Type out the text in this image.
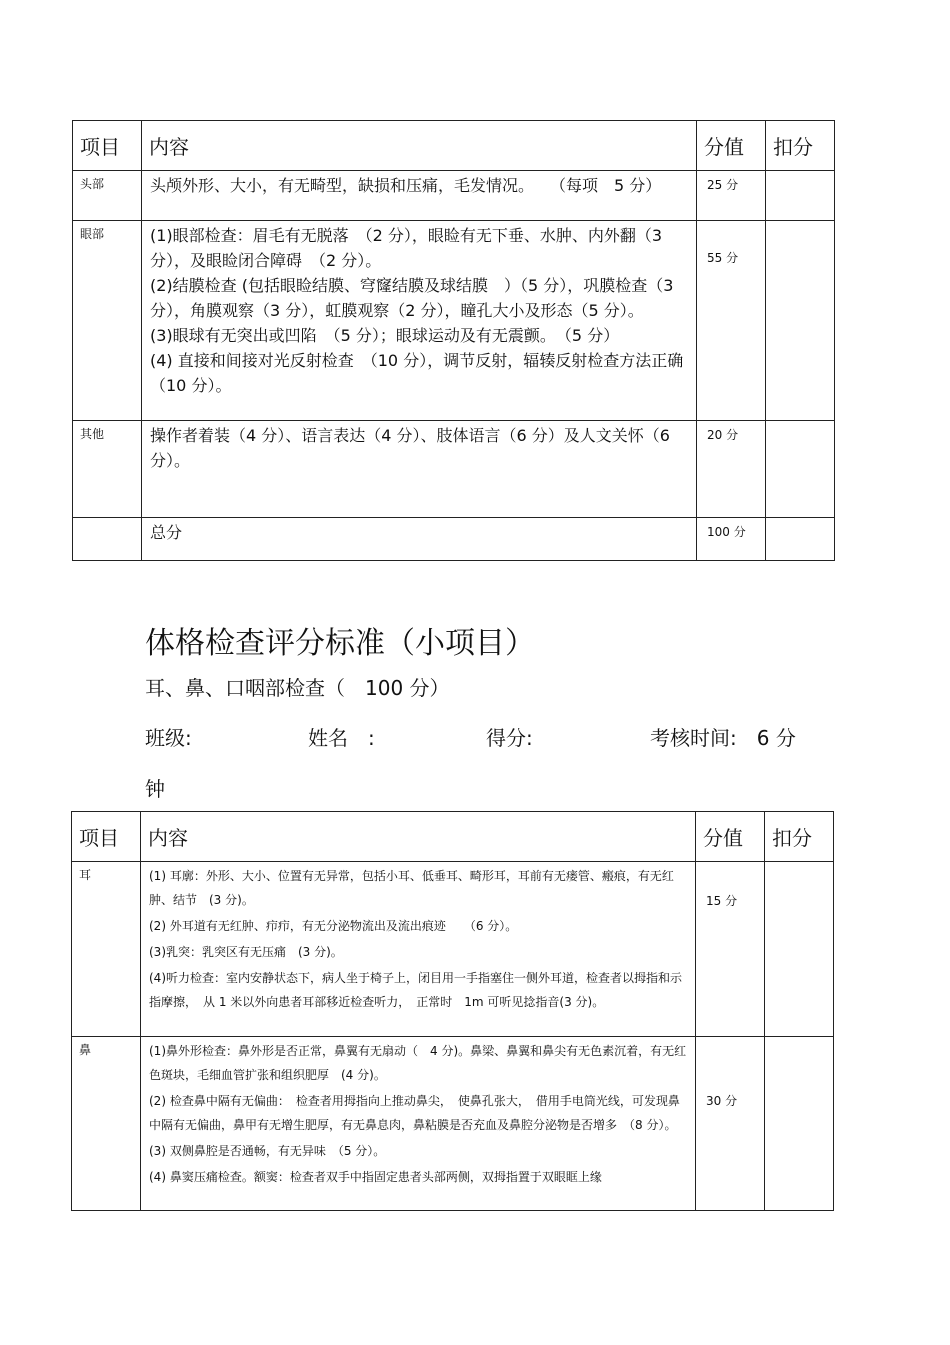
项目	内容	分值	扣分
头部	头颅外形、大小，有无畸型，缺损和压痛，毛发情况。　　（每项　5 分）	25 分	
眼部	(1)眼部检查：眉毛有无脱落　（2 分），眼睑有无下垂、水肿、内外翻（3 分），及眼睑闭合障碍　（2 分）。

(2)结膜检查 (包括眼睑结膜、穹窿结膜及球结膜　）（5 分），巩膜检查（3 分），角膜观察（3 分），虹膜观察（2 分），瞳孔大小及形态（5 分）。

(3)眼球有无突出或凹陷　（5 分）；眼球运动及有无震颤。　（5 分）

(4) 直接和间接对光反射检查　（10 分），调节反射，辐辏反射检查方法正确　（10 分）。	55 分	
其他	操作者着装（4 分）、语言表达（4 分）、肢体语言（6 分）及人文关怀（6 分）。	20 分	

	总分	100 分	
体格检查评分标准（小项目）
耳、鼻、口咽部检查（　100 分）
班级:	姓名　:	得分:	考核时间:　6 分
钟
项目	内容	分值	扣分
耳	(1) 耳廓：外形、大小、位置有无异常，包括小耳、低垂耳、畸形耳，耳前有无瘘管、瘢痕，有无红肿、结节　(3 分)。

(2) 外耳道有无红肿、疖疖，有无分泌物流出及流出痕迹　　（6 分）。

(3)乳突：乳突区有无压痛　(3 分)。

(4)听力检查：室内安静状态下，病人坐于椅子上，闭目用一手指塞住一侧外耳道，检查者以拇指和示指摩擦，　从 1 米以外向患者耳部移近检查听力，　正常时　1m 可听见捻指音(3 分)。	15 分	
鼻	(1)鼻外形检查：鼻外形是否正常，鼻翼有无扇动（　4 分)。鼻梁、鼻翼和鼻尖有无色素沉着，有无红色斑块，毛细血管扩张和组织肥厚　(4 分)。

(2) 检查鼻中隔有无偏曲：　检查者用拇指向上推动鼻尖，　使鼻孔张大，　借用手电筒光线，可发现鼻中隔有无偏曲，鼻甲有无增生肥厚，有无鼻息肉，鼻粘膜是否充血及鼻腔分泌物是否增多　（8 分）。

(3) 双侧鼻腔是否通畅，有无异味　（5 分）。

(4) 鼻窦压痛检查。额窦：检查者双手中指固定患者头部两侧，双拇指置于双眼眶上缘	30 分	
